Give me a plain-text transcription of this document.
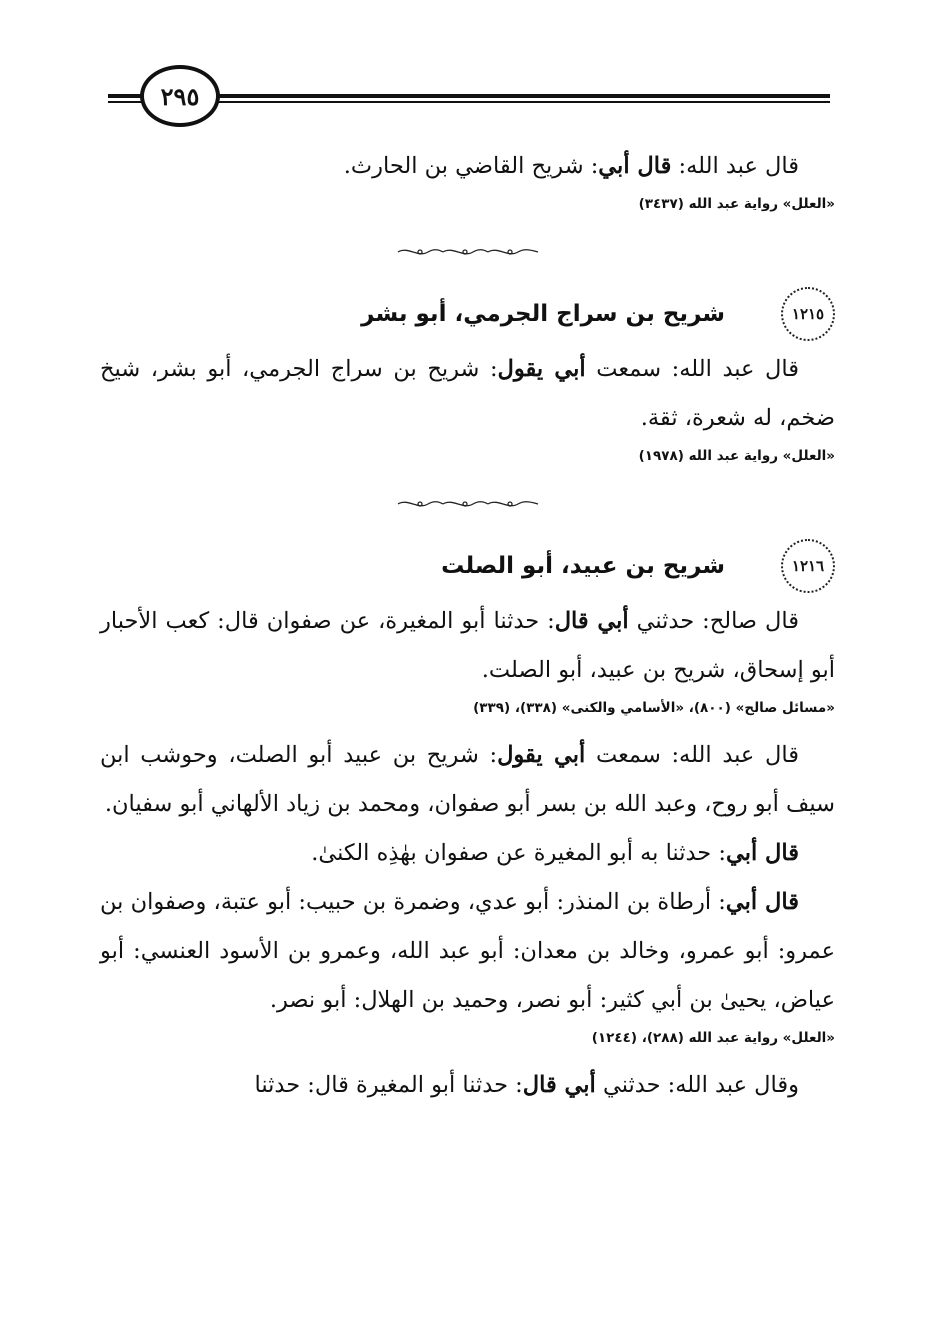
٢٩٥

قال عبد الله: قال أبي: شريح القاضي بن الحارث.

«العلل» رواية عبد الله (٣٤٣٧)

١٢١٥
شريح بن سراج الجرمي، أبو بشر

قال عبد الله: سمعت أبي يقول: شريح بن سراج الجرمي، أبو بشر، شيخ ضخم، له شعرة، ثقة.

«العلل» رواية عبد الله (١٩٧٨)

١٢١٦
شريح بن عبيد، أبو الصلت

قال صالح: حدثني أبي قال: حدثنا أبو المغيرة، عن صفوان قال: كعب الأحبار أبو إسحاق، شريح بن عبيد، أبو الصلت.

«مسائل صالح» (٨٠٠)، «الأسامي والكنى» (٣٣٨)، (٣٣٩)

قال عبد الله: سمعت أبي يقول: شريح بن عبيد أبو الصلت، وحوشب ابن سيف أبو روح، وعبد الله بن بسر أبو صفوان، ومحمد بن زياد الألهاني أبو سفيان.

قال أبي: حدثنا به أبو المغيرة عن صفوان بهٰذِه الكنىٰ.

قال أبي: أرطاة بن المنذر: أبو عدي، وضمرة بن حبيب: أبو عتبة، وصفوان بن عمرو: أبو عمرو، وخالد بن معدان: أبو عبد الله، وعمرو بن الأسود العنسي: أبو عياض، يحيىٰ بن أبي كثير: أبو نصر، وحميد بن الهلال: أبو نصر.

«العلل» رواية عبد الله (٢٨٨)، (١٢٤٤)

وقال عبد الله: حدثني أبي قال: حدثنا أبو المغيرة قال: حدثنا
